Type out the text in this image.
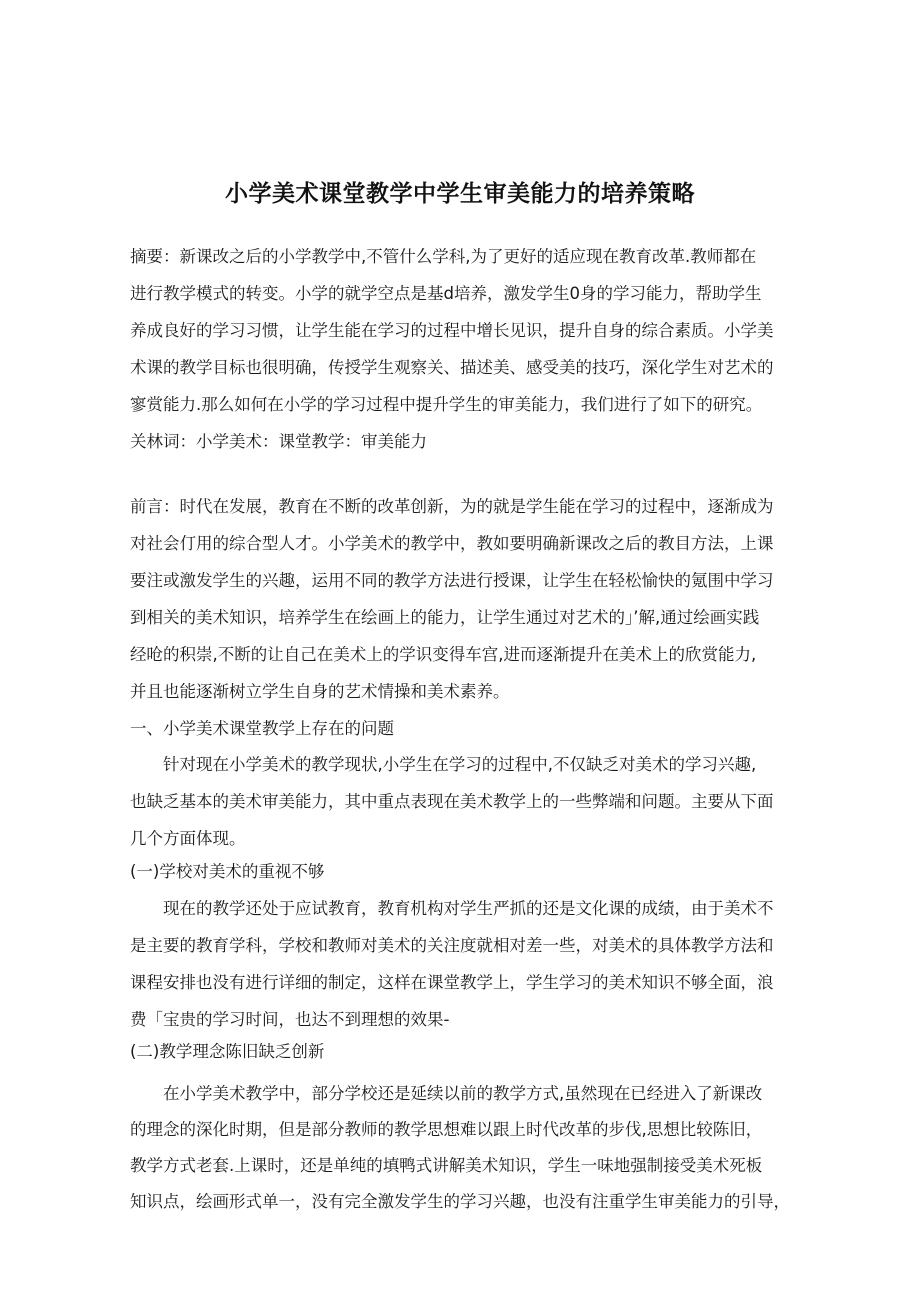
小学美术课堂教学中学生审美能力的培养策略
摘要：新课改之后的小学教学中,不管什么学科,为了更好的适应现在教育改革.教师都在
进行教学模式的转变。小学的就学空点是基d培养，激发学生0身的学习能力，帮助学生
养成良好的学习习惯，让学生能在学习的过程中增长见识，提升自身的综合素质。小学美
术课的教学目标也很明确，传授学生观察关、描述美、感受美的技巧，深化学生对艺术的
寥赏能力.那么如何在小学的学习过程中提升学生的审美能力，我们进行了如下的研究。
关林词：小学美术：课堂教学：审美能力
前言：时代在发展，教育在不断的改革创新，为的就是学生能在学习的过程中，逐渐成为
对社会仃用的综合型人才。小学美术的教学中，教如要明确新课改之后的教目方法，上课
要注或激发学生的兴趣，运用不同的教学方法进行授课，让学生在轻松愉快的氪围中学习
到相关的美术知识，培养学生在绘画上的能力，让学生通过对艺术的」’解,通过绘画实践
经呛的积崇,不断的让自己在美术上的学识变得车宫,进而逐渐提升在美术上的欣赏能力,
并且也能逐渐树立学生自身的艺术情操和美术素养。
一、小学美术课堂教学上存在的问题
针对现在小学美术的教学现状,小学生在学习的过程中,不仅缺乏对美术的学习兴趣,
也缺乏基本的美术审美能力，其中重点表现在美术教学上的一些弊端和问题。主要从下面
几个方面体现。
(一)学校对美术的重视不够
现在的教学还处于应试教育，教育机构对学生严抓的还是文化课的成绩，由于美术不
是主要的教育学科，学校和教师对美术的关注度就相对差一些，对美术的具体教学方法和
课程安排也没有进行详细的制定，这样在课堂教学上，学生学习的美术知识不够全面，浪
费「宝贵的学习时间，也达不到理想的效果-
(二)教学理念陈旧缺乏创新
在小学美术教学中，部分学校还是延续以前的教学方式,虽然现在已经进入了新课改
的理念的深化时期，但是部分教师的教学思想难以跟上时代改革的步伐,思想比较陈旧，
教学方式老套.上课时，还是单纯的填鸭式讲解美术知识，学生一味地强制接受美术死板
知识点，绘画形式单一，没有完全激发学生的学习兴趣，也没有注重学生审美能力的引导，
